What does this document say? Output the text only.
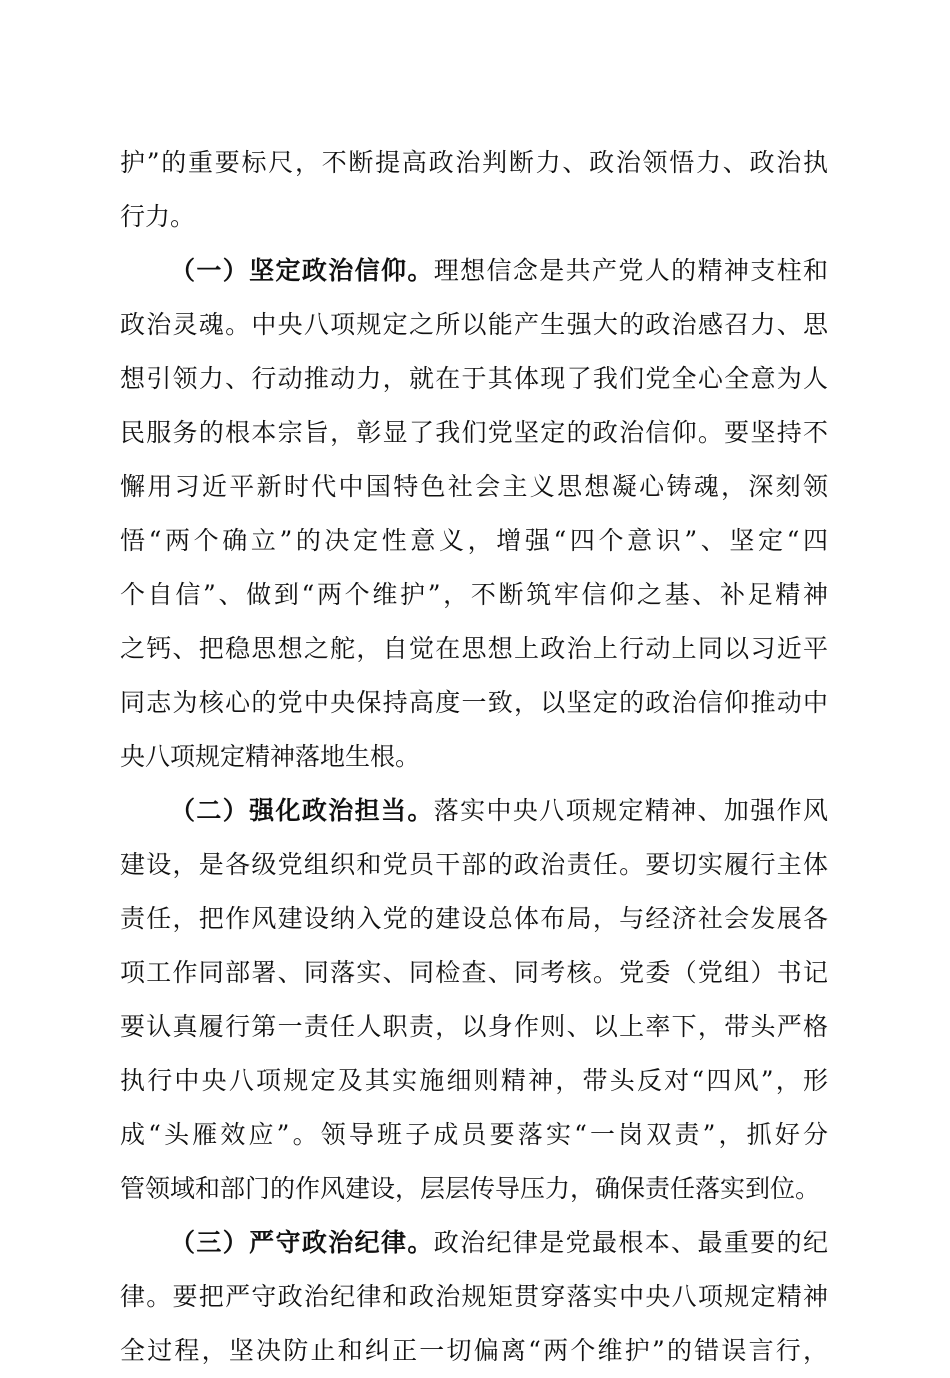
护”的重要标尺，不断提高政治判断力、政治领悟力、政治执
行力。
（一）坚定政治信仰。理想信念是共产党人的精神支柱和
政治灵魂。中央八项规定之所以能产生强大的政治感召力、思
想引领力、行动推动力，就在于其体现了我们党全心全意为人
民服务的根本宗旨，彰显了我们党坚定的政治信仰。要坚持不
懈用习近平新时代中国特色社会主义思想凝心铸魂，深刻领
悟“两个确立”的决定性意义，增强“四个意识”、坚定“四
个自信”、做到“两个维护”，不断筑牢信仰之基、补足精神
之钙、把稳思想之舵，自觉在思想上政治上行动上同以习近平
同志为核心的党中央保持高度一致，以坚定的政治信仰推动中
央八项规定精神落地生根。
（二）强化政治担当。落实中央八项规定精神、加强作风
建设，是各级党组织和党员干部的政治责任。要切实履行主体
责任，把作风建设纳入党的建设总体布局，与经济社会发展各
项工作同部署、同落实、同检查、同考核。党委（党组）书记
要认真履行第一责任人职责，以身作则、以上率下，带头严格
执行中央八项规定及其实施细则精神，带头反对“四风”，形
成“头雁效应”。领导班子成员要落实“一岗双责”，抓好分
管领域和部门的作风建设，层层传导压力，确保责任落实到位。
（三）严守政治纪律。政治纪律是党最根本、最重要的纪
律。要把严守政治纪律和政治规矩贯穿落实中央八项规定精神
全过程，坚决防止和纠正一切偏离“两个维护”的错误言行，
